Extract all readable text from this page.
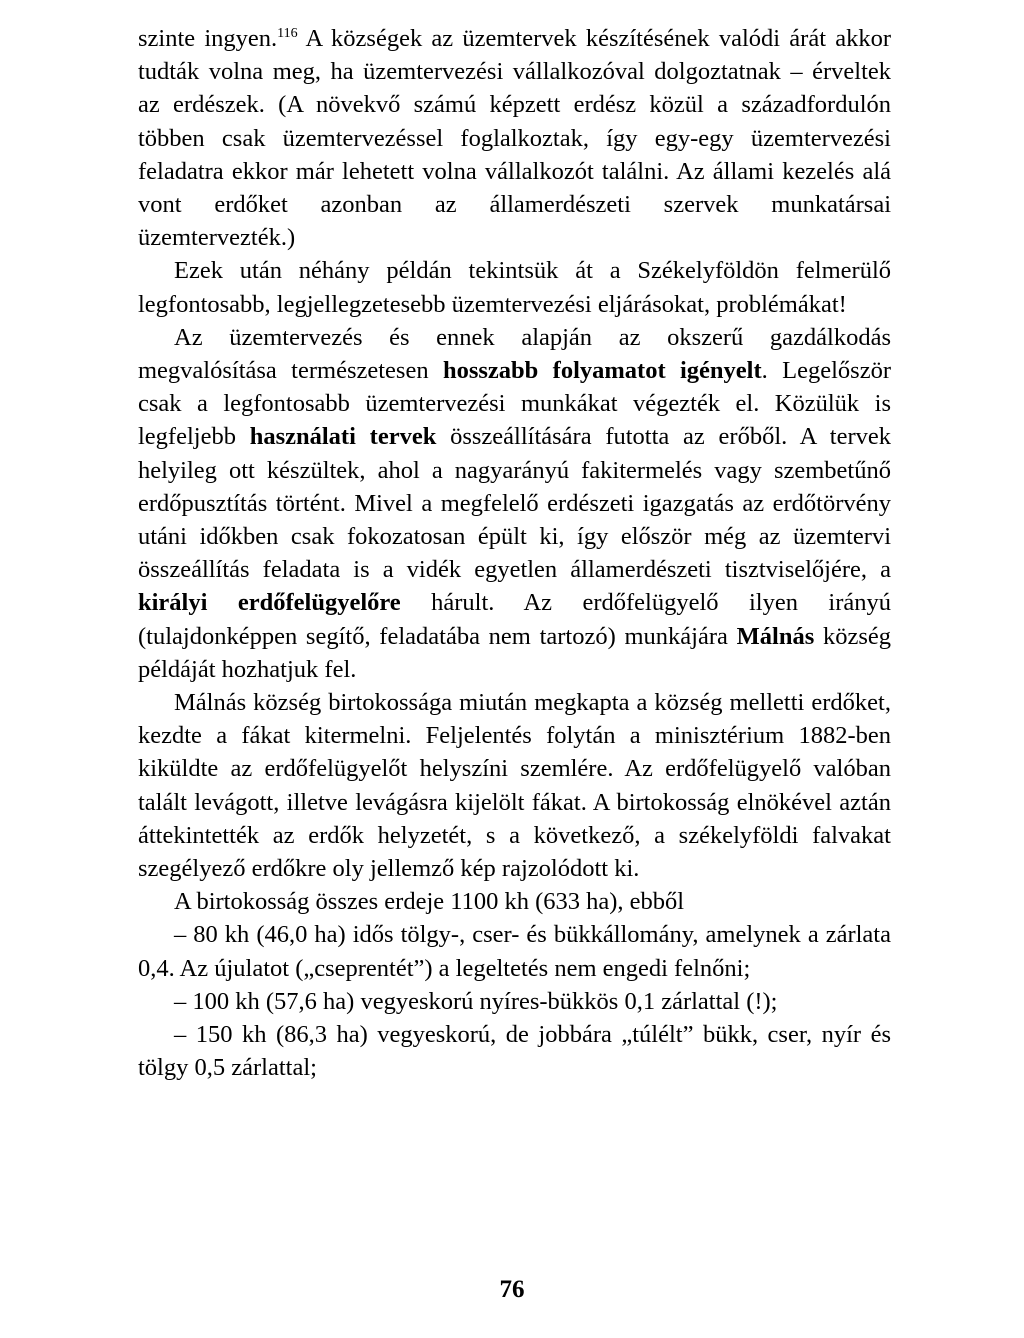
szinte ingyen.$^{116}$ A községek az üzemtervek készítésének valódi árát akkor tudták volna meg, ha üzemtervezési vállalkozóval dolgoztatnak – érveltek az erdészek. (A növekvő számú képzett erdész közül a századfordulón többen csak üzemtervezéssel foglalkoztak, így egy-egy üzemtervezési feladatra ekkor már lehetett volna vállalkozót találni. Az állami kezelés alá vont erdőket azonban az államerdészeti szervek munkatársai üzemtervezték.)

Ezek után néhány példán tekintsük át a Székelyföldön felmerülő legfontosabb, legjellegzetesebb üzemtervezési eljárásokat, problémákat!

Az üzemtervezés és ennek alapján az okszerű gazdálkodás megvalósítása természetesen hosszabb folyamatot igényelt. Legelőször csak a legfontosabb üzemtervezési munkákat végezték el. Közülük is legfeljebb használati tervek összeállítására futotta az erőből. A tervek helyileg ott készültek, ahol a nagyarányú fakitermelés vagy szembetűnő erdőpusztítás történt. Mivel a megfelelő erdészeti igazgatás az erdőtörvény utáni időkben csak fokozatosan épült ki, így először még az üzemtervi összeállítás feladata is a vidék egyetlen államerdészeti tisztviselőjére, a királyi erdőfelügyelőre hárult. Az erdőfelügyelő ilyen irányú (tulajdonképpen segítő, feladatába nem tartozó) munkájára Málnás község példáját hozhatjuk fel.

Málnás község birtokossága miután megkapta a község melletti erdőket, kezdte a fákat kitermelni. Feljelentés folytán a minisztérium 1882-ben kiküldte az erdőfelügyelőt helyszíni szemlére. Az erdőfelügyelő valóban talált levágott, illetve levágásra kijelölt fákat. A birtokosság elnökével aztán áttekintették az erdők helyzetét, s a következő, a székelyföldi falvakat szegélyező erdőkre oly jellemző kép rajzolódott ki.

A birtokosság összes erdeje 1100 kh (633 ha), ebből

– 80 kh (46,0 ha) idős tölgy-, cser- és bükkállomány, amelynek a zárlata 0,4. Az újulatot („cseprentét”) a legeltetés nem engedi felnőni;

– 100 kh (57,6 ha) vegyeskorú nyíres-bükkös 0,1 zárlattal (!);

– 150 kh (86,3 ha) vegyeskorú, de jobbára „túlélt” bükk, cser, nyír és tölgy 0,5 zárlattal;

76
